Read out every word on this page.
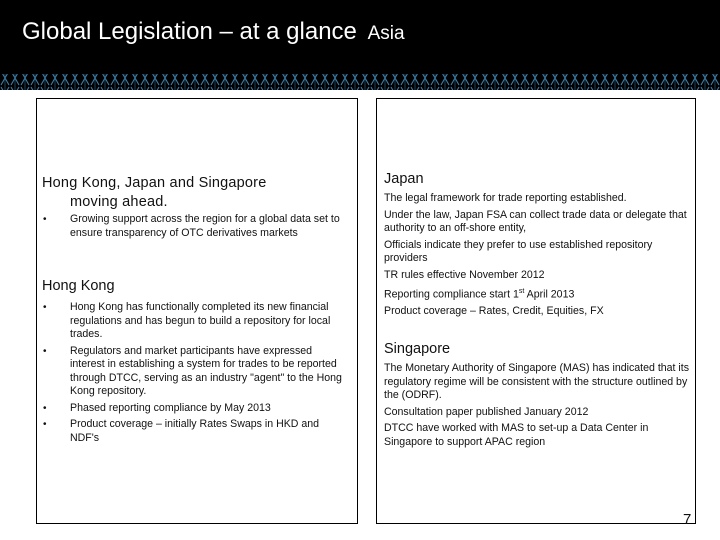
Global Legislation – at a glance Asia
Hong Kong, Japan and Singapore
moving ahead.
• Growing support across the region for a global data set to ensure transparency of OTC derivatives markets
Hong Kong
• Hong Kong has functionally completed its new financial regulations and has begun to build a repository for local trades.
• Regulators and market participants have expressed interest in establishing a system for trades to be reported through DTCC, serving as an industry "agent" to the Hong Kong repository.
• Phased reporting compliance by May 2013
• Product coverage – initially Rates Swaps in HKD and NDF's
Japan

The legal framework for trade reporting established.

Under the law, Japan FSA can collect trade data or delegate that authority to an off-shore entity,

Officials indicate they prefer to use established repository providers

TR rules effective November 2012

Reporting compliance start 1st April 2013

Product coverage – Rates, Credit, Equities, FX

Singapore

The Monetary Authority of Singapore (MAS) has indicated that its regulatory regime will be consistent with the structure outlined by the (ODRF).

Consultation paper published January 2012

DTCC have worked with MAS to set-up a Data Center in Singapore to support APAC region

7
